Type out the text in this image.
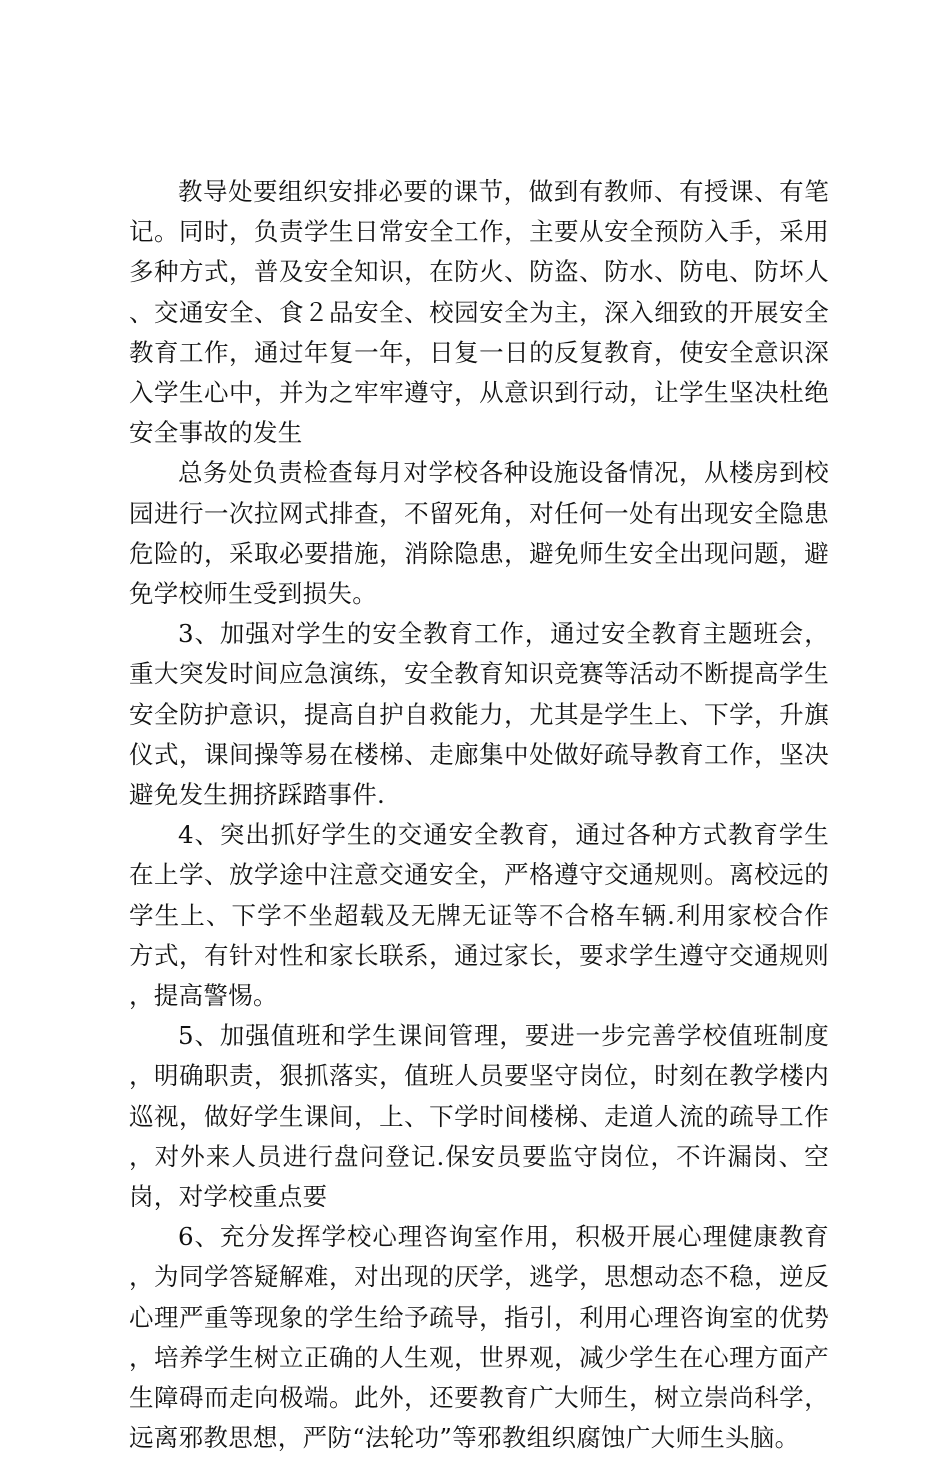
教导处要组织安排必要的课节，做到有教师、有授课、有笔记。同时，负责学生日常安全工作，主要从安全预防入手，采用多种方式，普及安全知识，在防火、防盗、防水、防电、防坏人、交通安全、食２品安全、校园安全为主，深入细致的开展安全教育工作，通过年复一年，日复一日的反复教育，使安全意识深入学生心中，并为之牢牢遵守，从意识到行动，让学生坚决杜绝安全事故的发生

总务处负责检查每月对学校各种设施设备情况，从楼房到校园进行一次拉网式排查，不留死角，对任何一处有出现安全隐患危险的，采取必要措施，消除隐患，避免师生安全出现问题，避免学校师生受到损失。

3、加强对学生的安全教育工作，通过安全教育主题班会，重大突发时间应急演练，安全教育知识竞赛等活动不断提高学生安全防护意识，提高自护自救能力，尤其是学生上、下学，升旗仪式，课间操等易在楼梯、走廊集中处做好疏导教育工作，坚决避免发生拥挤踩踏事件.

4、突出抓好学生的交通安全教育，通过各种方式教育学生在上学、放学途中注意交通安全，严格遵守交通规则。离校远的学生上、下学不坐超载及无牌无证等不合格车辆.利用家校合作方式，有针对性和家长联系，通过家长，要求学生遵守交通规则，提高警惕。

5、加强值班和学生课间管理，要进一步完善学校值班制度，明确职责，狠抓落实，值班人员要坚守岗位，时刻在教学楼内巡视，做好学生课间，上、下学时间楼梯、走道人流的疏导工作，对外来人员进行盘问登记.保安员要监守岗位，不许漏岗、空岗，对学校重点要

6、充分发挥学校心理咨询室作用，积极开展心理健康教育，为同学答疑解难，对出现的厌学，逃学，思想动态不稳，逆反心理严重等现象的学生给予疏导，指引，利用心理咨询室的优势，培养学生树立正确的人生观，世界观，减少学生在心理方面产生障碍而走向极端。此外，还要教育广大师生，树立崇尚科学，远离邪教思想，严防“法轮功”等邪教组织腐蚀广大师生头脑。
